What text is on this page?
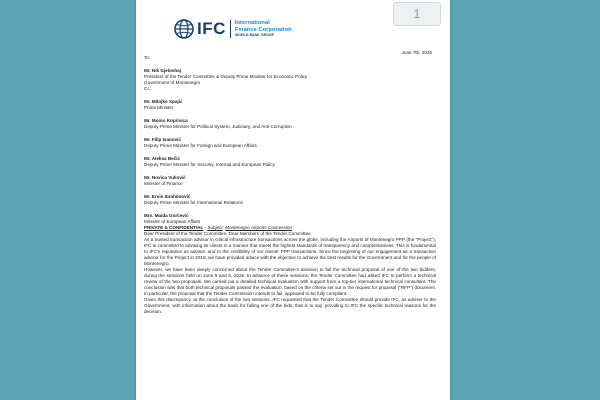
IFC International
Finance Corporation
WORLD BANK GROUP
June 7th, 2025

To:

Mr. Nik Gjeloshaj

President of the Tender Committee & Deputy Prime Minister for Economic Policy

Government of Montenegro

Cc:

Mr. Milojko Spajić

Prime Minister

Mr. Momo Koprivica

Deputy Prime Minister for Political System, Judiciary, and Anti-Corruption

Mr. Filip Ivanović

Deputy Prime Minister for Foreign and European Affairs

Mr. Aleksa Bečić

Deputy Prime Minister for Security, Internal and European Policy

Mr. Novica Vuković

Minister of Finance

Mr. Ervin Ibrahimović

Deputy Prime Minister for International Relations

Mrs. Maida Gorčević

Minister of European Affairs

PRIVATE & CONFIDENTIAL - Subject: Montenegro Airports Concession

Dear President of the Tender Committee, Dear Members of the Tender Committee,

As a trusted transaction advisor in critical infrastructure transactions across the globe, including the Airports of Montenegro PPP (the "Project"), IFC is committed to advising its clients in a manner that meets the highest standards of transparency and competitiveness. This is fundamental to IFC's reputation as advisor, and to the credibility of our clients' PPP transactions. Since the beginning of our engagement as a transaction advisor for the Project in 2018, we have provided advice with the objective to achieve the best results for the Government and for the people of Montenegro.

However, we have been deeply concerned about the Tender Committee's decision to fail the technical proposal of one of the two bidders, during the sessions held on June 5 and 6, 2025. In advance of these sessions, the Tender Committee had asked IFC to perform a technical review of the two proposals. We carried out a detailed technical evaluation with support from a top-tier international technical consultant. The conclusion was that both technical proposals passed the evaluation, based on the criteria set out in the request for proposal ("RFP") document. In particular, the proposal that the Tender Commission intends to fail, appeared to be fully compliant.

Given this discrepancy, at the conclusion of the two sessions, IFC requested that the Tender Committee should provide IFC, as adviser to the Government, with information about the basis for failing one of the bids, that is to say, providing to IFC the specific technical reasons for the decision.

1
